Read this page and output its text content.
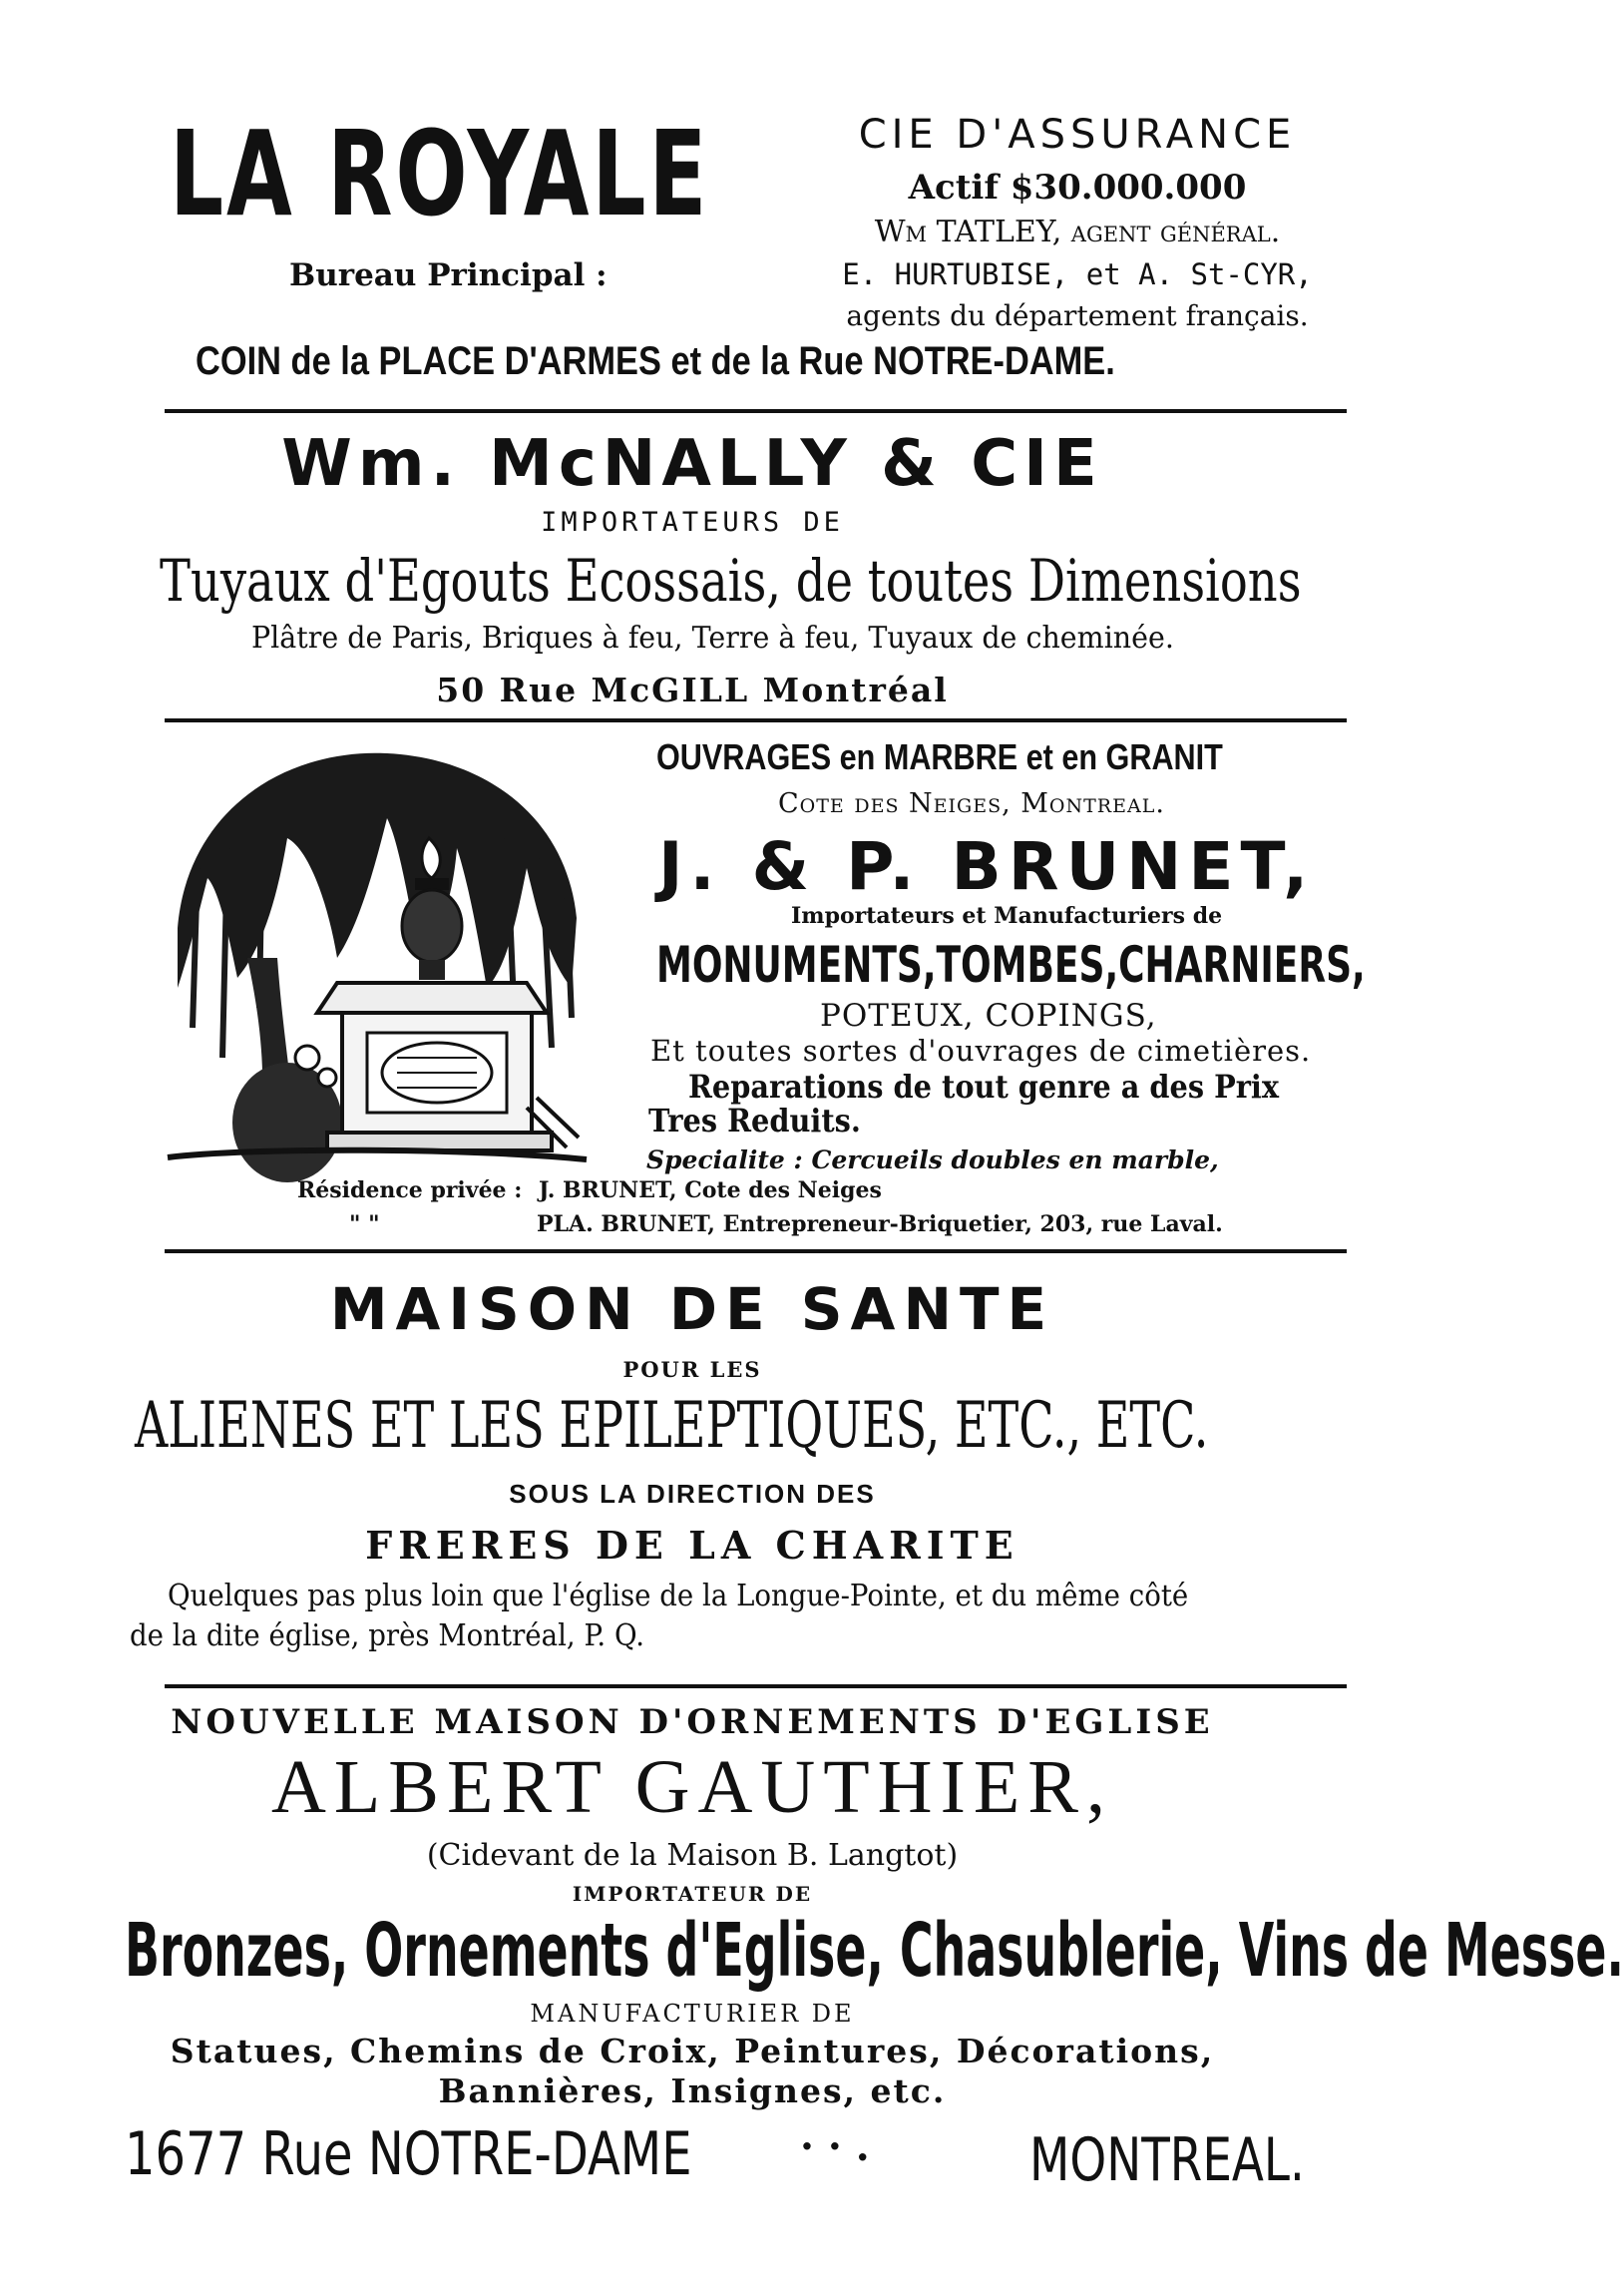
LA ROYALE	CIE D'ASSURANCE
Actif $30.000.000
Wm TATLEY, agent général.
E. HURTUBISE, et A. St-CYR,
agents du département français.
Bureau Principal :
COIN de la PLACE D'ARMES et de la Rue NOTRE-DAME.
Wm. McNALLY & CIE
IMPORTATEURS DE
Tuyaux d'Egouts Ecossais, de toutes Dimensions
Plâtre de Paris, Briques à feu, Terre à feu, Tuyaux de cheminée.
50 Rue McGILL Montréal
OUVRAGES en MARBRE et en GRANIT
Cote des Neiges, Montreal.
J. & P. BRUNET,
Importateurs et Manufacturiers de
MONUMENTS,TOMBES,CHARNIERS,
POTEUX, COPINGS,
Et toutes sortes d'ouvrages de cimetières.
Reparations de tout genre a des Prix
Tres Reduits.
Specialite : Cercueils doubles en marble,
Résidence privée : J. BRUNET, Cote des Neiges
" "	PLA. BRUNET, Entrepreneur-Briquetier, 203, rue Laval.
MAISON DE SANTE
POUR LES
ALIENES ET LES EPILEPTIQUES, ETC., ETC.
SOUS LA DIRECTION DES
FRERES DE LA CHARITE
Quelques pas plus loin que l'église de la Longue-Pointe, et du même côté
de la dite église, près Montréal, P. Q.
NOUVELLE MAISON D'ORNEMENTS D'EGLISE
ALBERT GAUTHIER,
(Cidevant de la Maison B. Langtot)
IMPORTATEUR DE
Bronzes, Ornements d'Eglise, Chasublerie, Vins de Messe.
MANUFACTURIER DE
Statues, Chemins de Croix, Peintures, Décorations,
Bannières, Insignes, etc.
1677 Rue NOTRE-DAME	· · .	MONTREAL.
